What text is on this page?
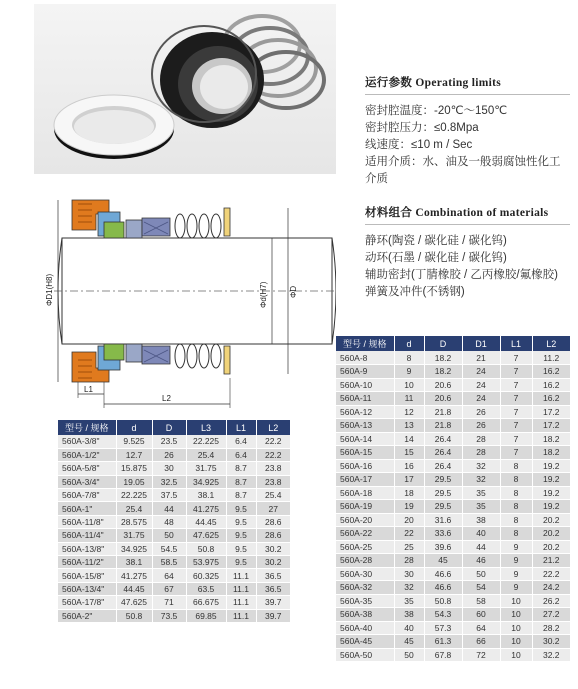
ΦD1(H8)	Φd(H7)	ΦD
L1
L2
运行参数 Operating limits
密封腔温度：-20℃～150℃
密封腔压力：≤0.8Mpa
线速度：≤10 m / Sec
适用介质：水、油及一般弱腐蚀性化工介质
材料组合 Combination of materials
静环(陶瓷 / 碳化硅 / 碳化钨)
动环(石墨 / 碳化硅 / 碳化钨)
辅助密封(丁腈橡胶 / 乙丙橡胶/氟橡胶)
弹簧及冲件(不锈钢)
型号 / 规格	d	D	L3	L1	L2
560A-3/8"	9.525	23.5	22.225	6.4	22.2
560A-1/2"	12.7	26	25.4	6.4	22.2
560A-5/8"	15.875	30	31.75	8.7	23.8
560A-3/4"	19.05	32.5	34.925	8.7	23.8
560A-7/8"	22.225	37.5	38.1	8.7	25.4
560A-1"	25.4	44	41.275	9.5	27
560A-11/8"	28.575	48	44.45	9.5	28.6
560A-11/4"	31.75	50	47.625	9.5	28.6
560A-13/8"	34.925	54.5	50.8	9.5	30.2
560A-11/2"	38.1	58.5	53.975	9.5	30.2
560A-15/8"	41.275	64	60.325	11.1	36.5
560A-13/4"	44.45	67	63.5	11.1	36.5
560A-17/8"	47.625	71	66.675	11.1	39.7
560A-2"	50.8	73.5	69.85	11.1	39.7
型号 / 规格	d	D	D1	L1	L2
560A-8	8	18.2	21	7	11.2
560A-9	9	18.2	24	7	16.2
560A-10	10	20.6	24	7	16.2
560A-11	11	20.6	24	7	16.2
560A-12	12	21.8	26	7	17.2
560A-13	13	21.8	26	7	17.2
560A-14	14	26.4	28	7	18.2
560A-15	15	26.4	28	7	18.2
560A-16	16	26.4	32	8	19.2
560A-17	17	29.5	32	8	19.2
560A-18	18	29.5	35	8	19.2
560A-19	19	29.5	35	8	19.2
560A-20	20	31.6	38	8	20.2
560A-22	22	33.6	40	8	20.2
560A-25	25	39.6	44	9	20.2
560A-28	28	45	46	9	21.2
560A-30	30	46.6	50	9	22.2
560A-32	32	46.6	54	9	24.2
560A-35	35	50.8	58	10	26.2
560A-38	38	54.3	60	10	27.2
560A-40	40	57.3	64	10	28.2
560A-45	45	61.3	66	10	30.2
560A-50	50	67.8	72	10	32.2
